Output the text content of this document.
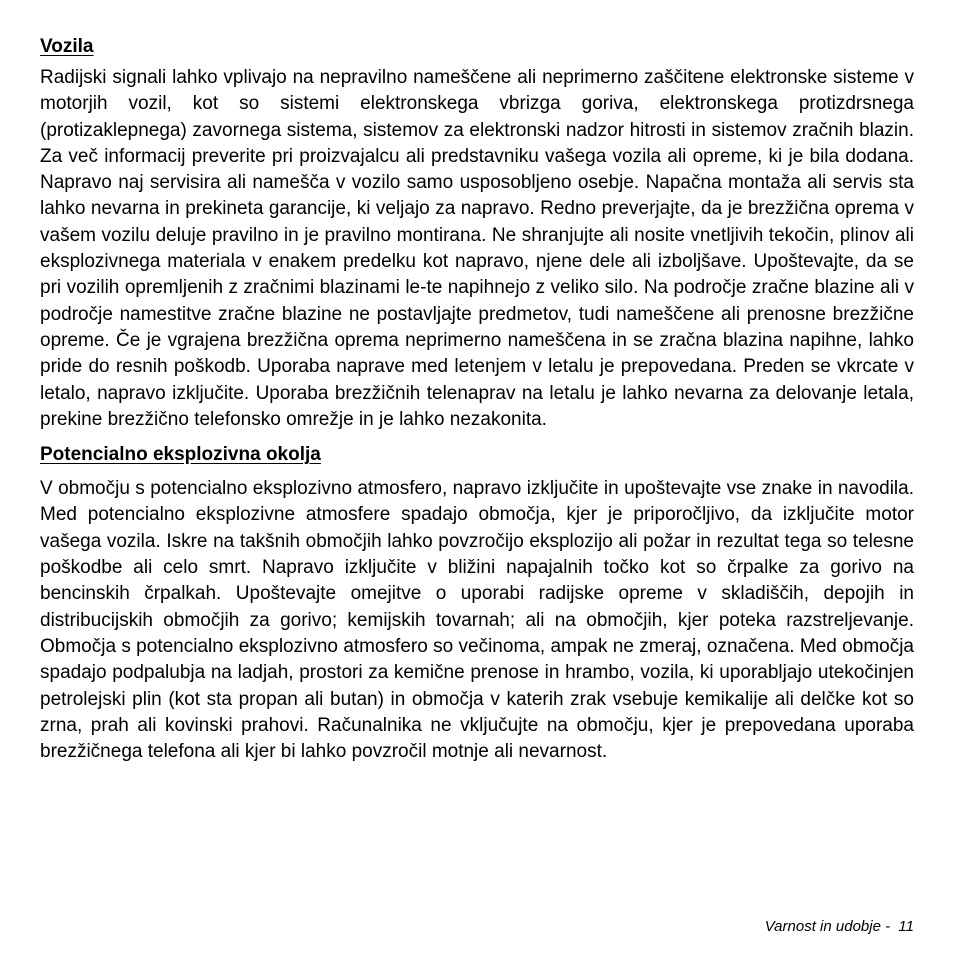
Vozila

Radijski signali lahko vplivajo na nepravilno nameščene ali neprimerno zaščitene elektronske sisteme v motorjih vozil, kot so sistemi elektronskega vbrizga goriva, elektronskega protizdrsnega (protizaklepnega) zavornega sistema, sistemov za elektronski nadzor hitrosti in sistemov zračnih blazin. Za več informacij preverite pri proizvajalcu ali predstavniku vašega vozila ali opreme, ki je bila dodana. Napravo naj servisira ali namešča v vozilo samo usposobljeno osebje. Napačna montaža ali servis sta lahko nevarna in prekineta garancije, ki veljajo za napravo. Redno preverjajte, da je brezžična oprema v vašem vozilu deluje pravilno in je pravilno montirana. Ne shranjujte ali nosite vnetljivih tekočin, plinov ali eksplozivnega materiala v enakem predelku kot napravo, njene dele ali izboljšave. Upoštevajte, da se pri vozilih opremljenih z zračnimi blazinami le-te napihnejo z veliko silo. Na področje zračne blazine ali v področje namestitve zračne blazine ne postavljajte predmetov, tudi nameščene ali prenosne brezžične opreme. Če je vgrajena brezžična oprema neprimerno nameščena in se zračna blazina napihne, lahko pride do resnih poškodb. Uporaba naprave med letenjem v letalu je prepovedana. Preden se vkrcate v letalo, napravo izklјučite. Uporaba brezžičnih telenaprav na letalu je lahko nevarna za delovanje letala, prekine brezžično telefonsko omrežje in je lahko nezakonita.

Potencialno eksplozivna okolja

V območju s potencialno eksplozivno atmosfero, napravo izklјučite in upoštevajte vse znake in navodila. Med potencialno eksplozivne atmosfere spadajo območja, kjer je priporočljivo, da izklјučite motor vašega vozila. Iskre na takšnih območjih lahko povzročijo eksplozijo ali požar in rezultat tega so telesne poškodbe ali celo smrt. Napravo izklјučite v bližini napajalnih točko kot so črpalke za gorivo na bencinskih črpalkah. Upoštevajte omejitve o uporabi radijske opreme v skladiščih, depojih in distribucijskih območjih za gorivo; kemijskih tovarnah; ali na območjih, kjer poteka razstreljevanje. Območja s potencialno eksplozivno atmosfero so večinoma, ampak ne zmeraj, označena. Med območja spadajo podpalubja na ladjah, prostori za kemične prenose in hrambo, vozila, ki uporabljajo utekočinjen petrolejski plin (kot sta propan ali butan) in območja v katerih zrak vsebuje kemikalije ali delčke kot so zrna, prah ali kovinski prahovi. Računalnika ne vklјučujte na območju, kjer je prepovedana uporaba brezžičnega telefona ali kjer bi lahko povzročil motnje ali nevarnost.

Varnost in udobje -  11
